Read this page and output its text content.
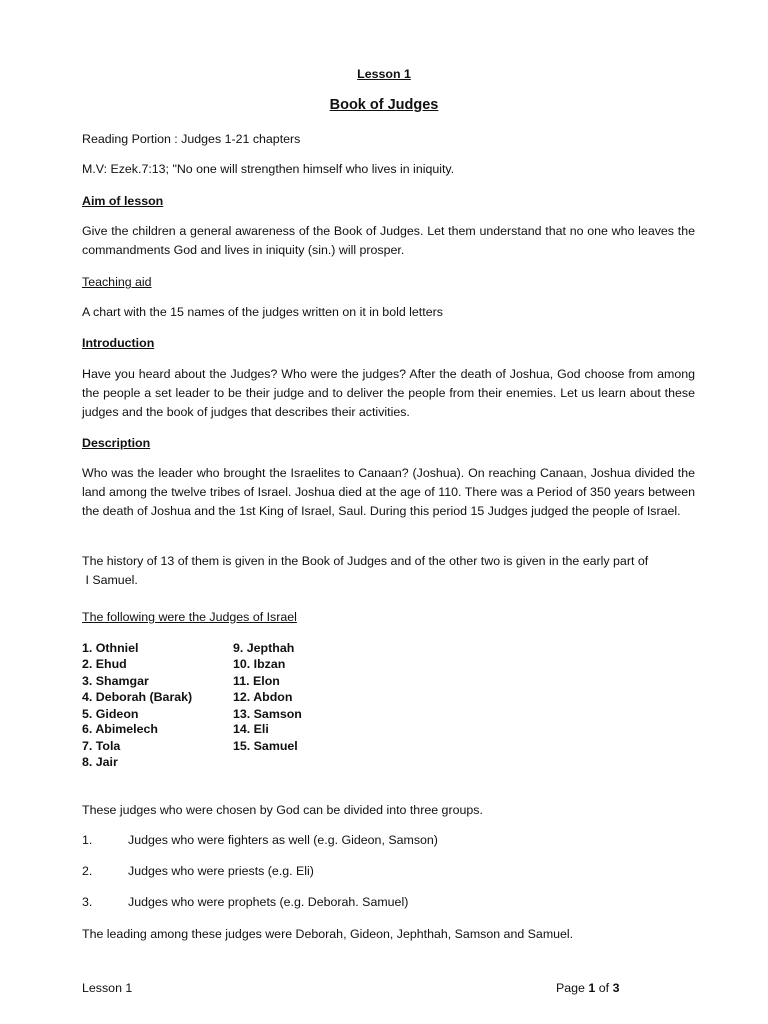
Lesson 1

Book of Judges

Reading Portion : Judges 1-21 chapters

M.V: Ezek.7:13; "No one will strengthen himself who lives in iniquity.

Aim of lesson

Give the children a general awareness of the Book of Judges. Let them understand that no one who leaves the commandments God and lives in iniquity (sin.) will prosper.

Teaching aid

A chart with the 15 names of the judges written on it in bold letters

Introduction

Have you heard about the Judges? Who were the judges? After the death of Joshua, God choose from among the people a set leader to be their judge and to deliver the people from their enemies. Let us learn about these judges and the book of judges that describes their activities.

Description

Who was the leader who brought the Israelites to Canaan? (Joshua). On reaching Canaan, Joshua divided the land among the twelve tribes of Israel. Joshua died at the age of 110. There was a Period of 350 years between the death of Joshua and the 1st King of Israel, Saul. During this period 15 Judges judged the people of Israel.

The history of 13 of them is given in the Book of Judges and of the other two is given in the early part of

I Samuel.

The following were the Judges of Israel

1. Othniel
2. Ehud
3. Shamgar
4. Deborah (Barak)
5. Gideon
6. Abimelech
7. Tola
8. Jair
9. Jepthah
10. Ibzan
11. Elon
12. Abdon
13. Samson
14. Eli
15. Samuel

These judges who were chosen by God can be divided into three groups.

1.	Judges who were fighters as well (e.g. Gideon, Samson)
2.	Judges who were priests (e.g. Eli)
3.	Judges who were prophets (e.g. Deborah. Samuel)

The leading among these judges were Deborah, Gideon, Jephthah, Samson and Samuel.

Lesson 1	Page 1 of 3
